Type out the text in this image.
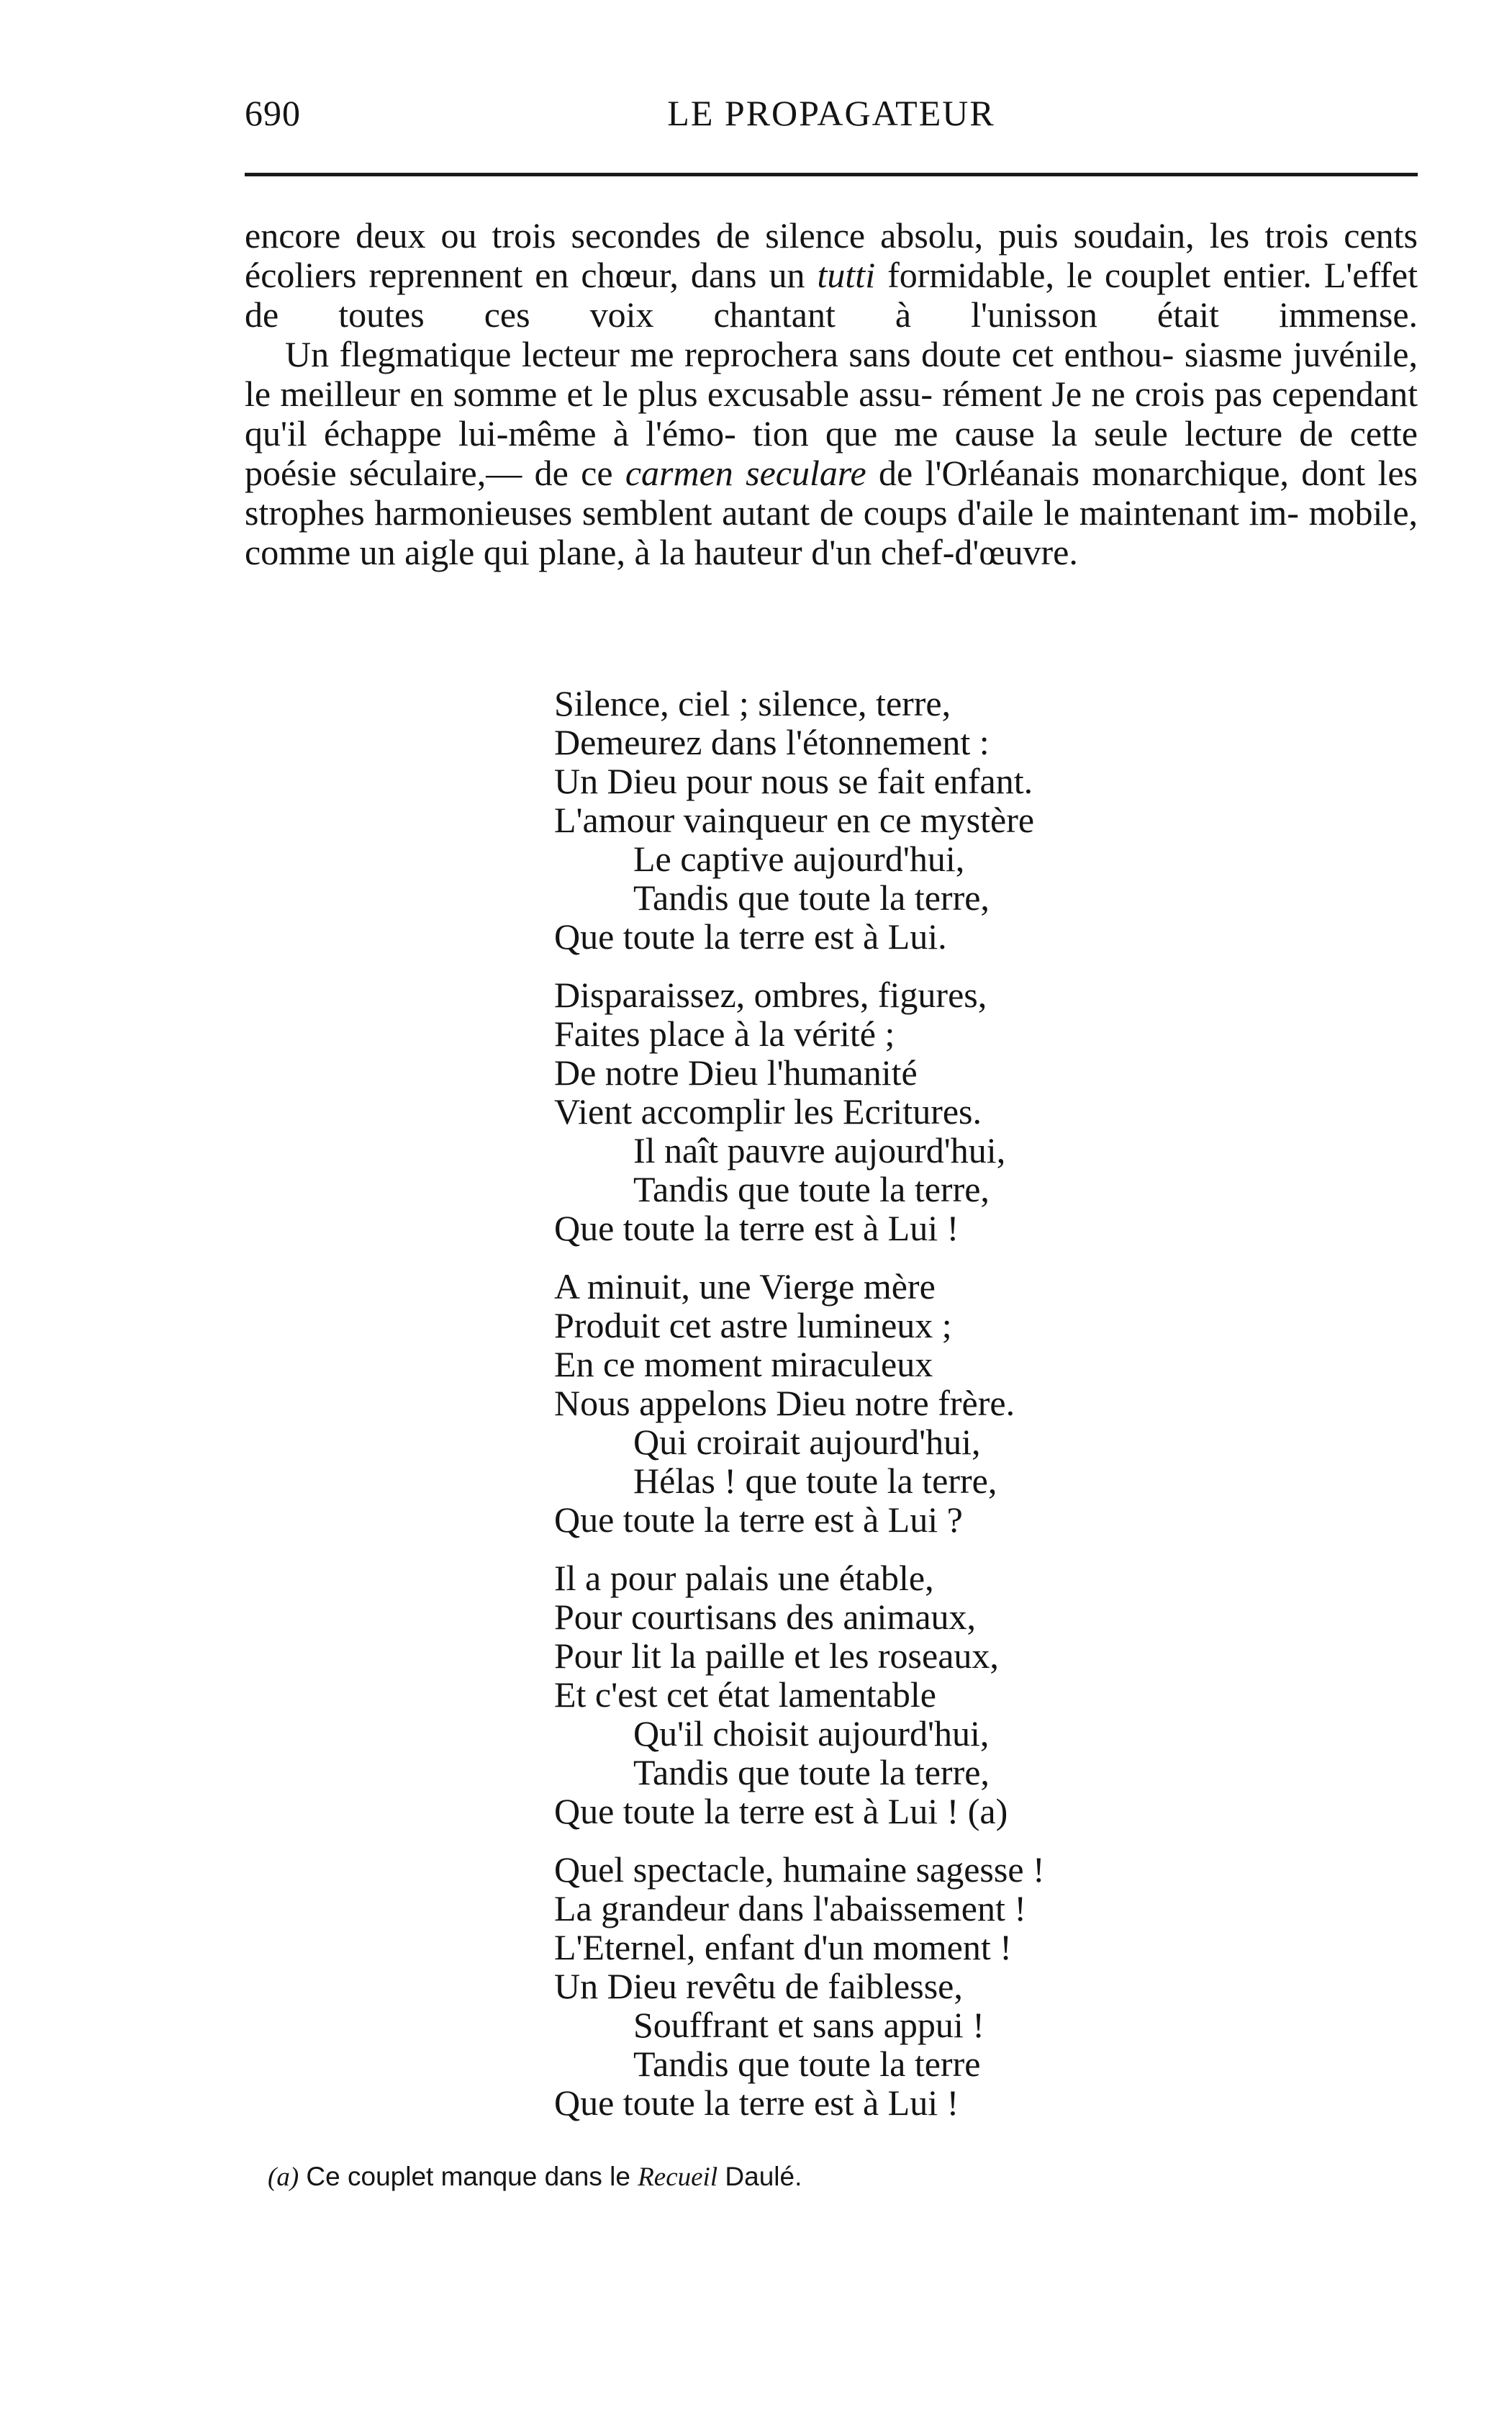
690	LE PROPAGATEUR

encore deux ou trois secondes de silence absolu, puis soudain, les trois cents écoliers reprennent en chœur, dans un tutti formidable, le couplet entier. L'effet de toutes ces voix chantant à l'unisson était immense.

Un flegmatique lecteur me reprochera sans doute cet enthou- siasme juvénile, le meilleur en somme et le plus excusable assu- rément Je ne crois pas cependant qu'il échappe lui-même à l'émo- tion que me cause la seule lecture de cette poésie séculaire,— de ce carmen seculare de l'Orléanais monarchique, dont les strophes harmonieuses semblent autant de coups d'aile le maintenant im- mobile, comme un aigle qui plane, à la hauteur d'un chef-d'œuvre.

Silence, ciel ; silence, terre,
Demeurez dans l'étonnement :
Un Dieu pour nous se fait enfant.
L'amour vainqueur en ce mystère
Le captive aujourd'hui,
Tandis que toute la terre,
Que toute la terre est à Lui.
Disparaissez, ombres, figures,
Faites place à la vérité ;
De notre Dieu l'humanité
Vient accomplir les Ecritures.
Il naît pauvre aujourd'hui,
Tandis que toute la terre,
Que toute la terre est à Lui !
A minuit, une Vierge mère
Produit cet astre lumineux ;
En ce moment miraculeux
Nous appelons Dieu notre frère.
Qui croirait aujourd'hui,
Hélas ! que toute la terre,
Que toute la terre est à Lui ?
Il a pour palais une étable,
Pour courtisans des animaux,
Pour lit la paille et les roseaux,
Et c'est cet état lamentable
Qu'il choisit aujourd'hui,
Tandis que toute la terre,
Que toute la terre est à Lui ! (a)
Quel spectacle, humaine sagesse !
La grandeur dans l'abaissement !
L'Eternel, enfant d'un moment !
Un Dieu revêtu de faiblesse,
Souffrant et sans appui !
Tandis que toute la terre
Que toute la terre est à Lui !
(a) Ce couplet manque dans le Recueil Daulé.
